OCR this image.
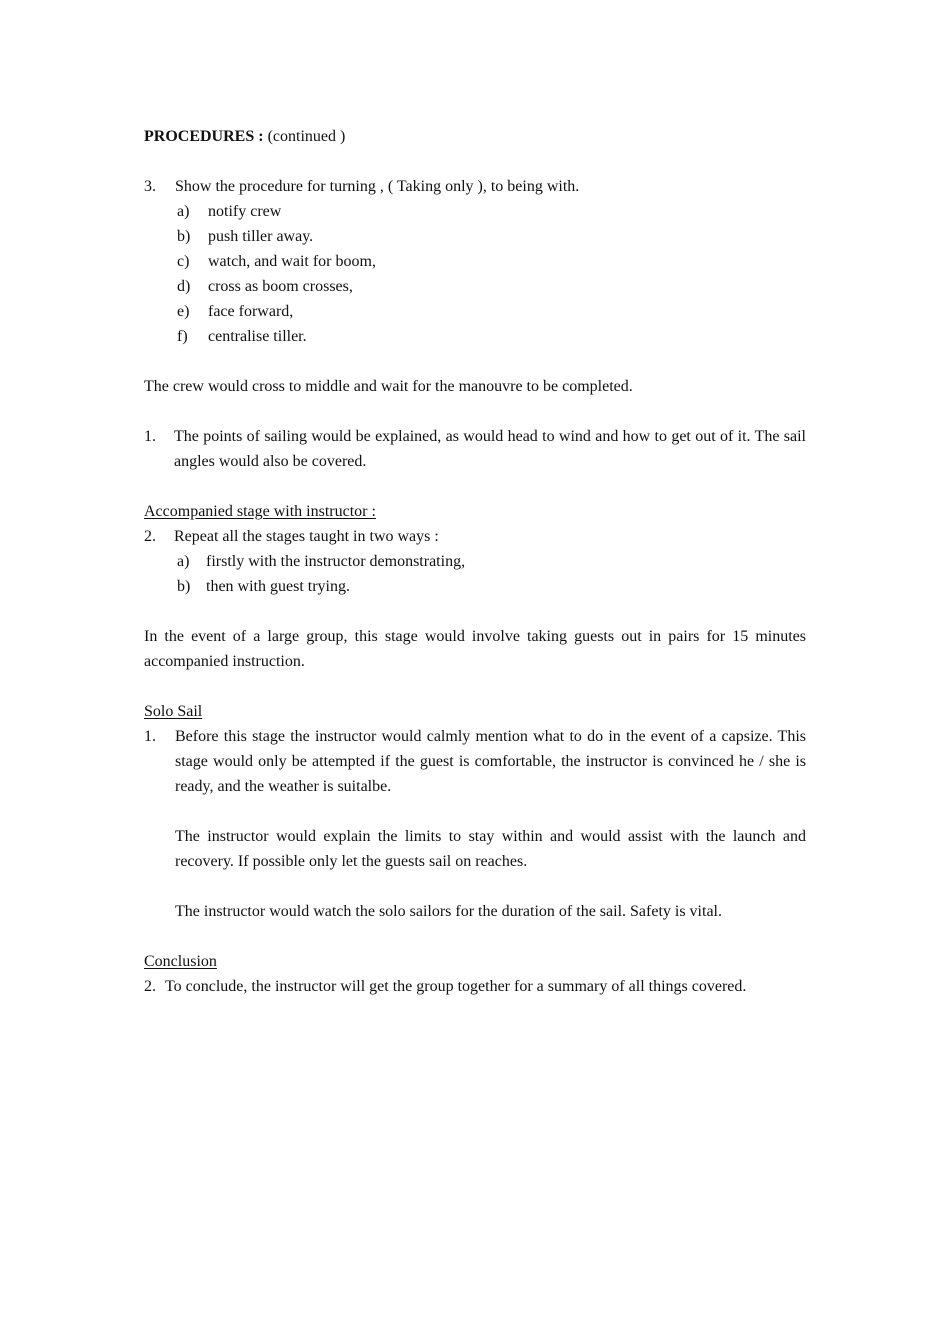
PROCEDURES : (continued )
3.	Show the procedure for turning , ( Taking only ), to being with.
a)	notify crew
b)	push tiller away.
c)	watch, and wait for boom,
d)	cross as boom crosses,
e)	face forward,
f)	centralise tiller.
The crew would cross to middle and wait for the manouvre to be completed.
1.	The points of sailing would be explained, as would head to wind and how to get out of it. The sail angles would also be covered.
Accompanied stage with instructor :
2.	Repeat all the stages taught in two ways :
a)	firstly with the instructor demonstrating,
b) then with guest trying.
In the event of a large group, this stage would involve taking guests out in pairs for 15 minutes accompanied instruction.
Solo Sail
1.	Before this stage the instructor would calmly mention what to do in the event of a capsize. This stage would only be attempted if the guest is comfortable, the instructor is convinced he / she is ready, and the weather is suitalbe.
The instructor would explain the limits to stay within and would assist with the launch and recovery. If possible only let the guests sail on reaches.
The instructor would watch the solo sailors for the duration of the sail. Safety is vital.
Conclusion
2. To conclude, the instructor will get the group together for a summary of all things covered.
